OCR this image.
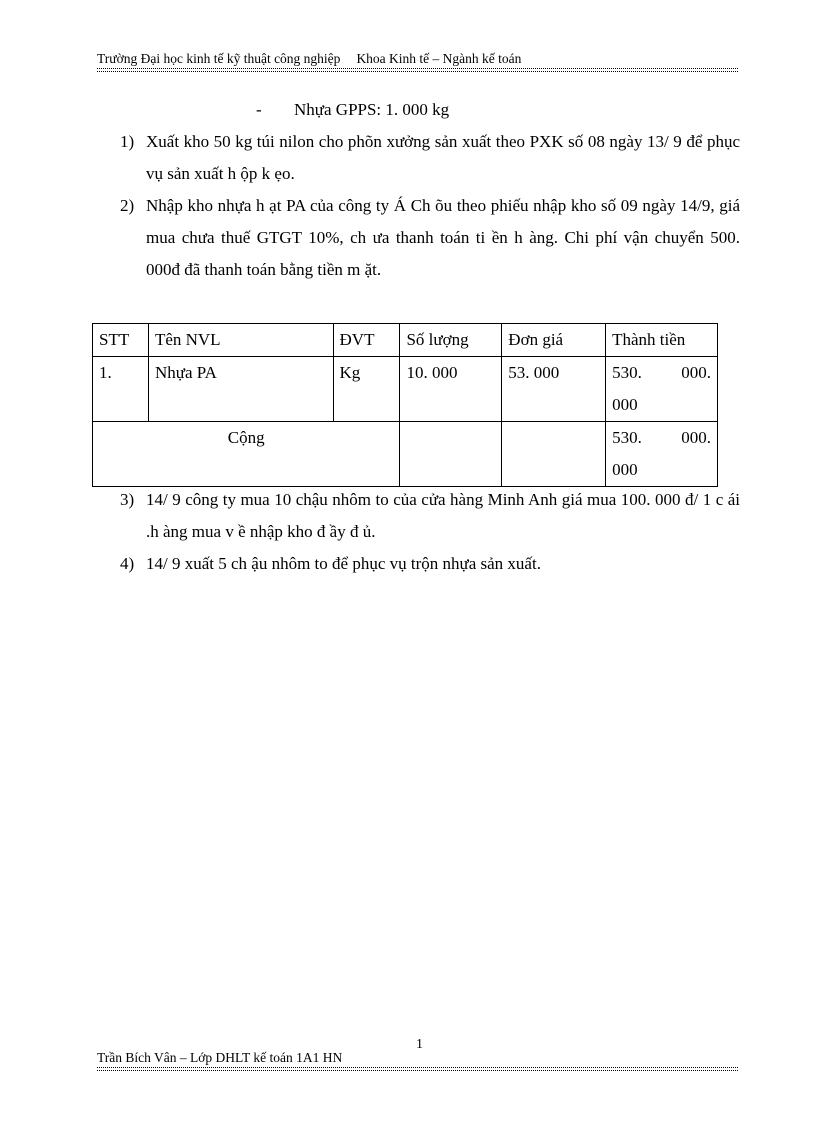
Trường Đại học kinh tế kỹ thuật công nghiệp Khoa Kinh tế – Ngành kế toán
- Nhựa GPPS: 1. 000 kg
1) Xuất kho 50 kg túi nilon cho phõn xưởng sản xuất theo PXK số 08 ngày 13/ 9 để phục vụ sản xuất h ộp k ẹo.
2) Nhập kho nhựa h ạt PA của công ty Á Ch õu theo phiếu nhập kho số 09 ngày 14/9, giá mua chưa thuế GTGT 10%, ch ưa thanh toán ti ền h àng. Chi phí vận chuyển 500. 000đ đã thanh toán bằng tiền m ặt.
STT	Tên NVL	ĐVT	Số lượng	Đơn giá	Thành tiền
1.	Nhựa PA	Kg	10. 000	53. 000	530. 000.
000

Cộng					530. 000.
000
3) 14/ 9 công ty mua 10 chậu nhôm to của cửa hàng Minh Anh giá mua 100. 000 đ/ 1 c ái .h àng mua v ề nhập kho đ ầy đ ủ.
4) 14/ 9 xuất 5 ch ậu nhôm to để phục vụ trộn nhựa sản xuất.
1
Trần Bích Vân – Lớp DHLT kế toán 1A1 HN
